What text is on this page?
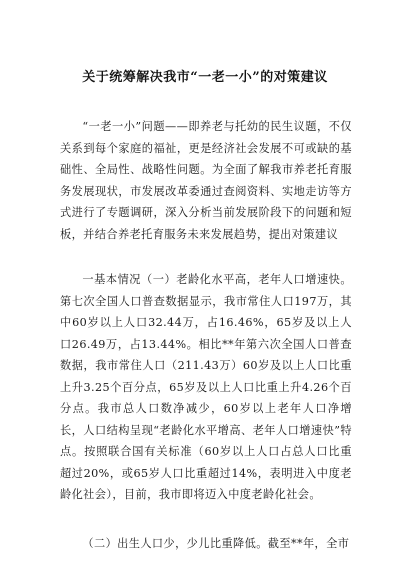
关于统筹解决我市“一老一小”的对策建议

“一老一小”问题——即养老与托幼的民生议题，不仅关系到每个家庭的福祉，更是经济社会发展不可或缺的基础性、全局性、战略性问题。为全面了解我市养老托育服务发展现状，市发展改革委通过查阅资料、实地走访等方式进行了专题调研，深入分析当前发展阶段下的问题和短板，并结合养老托育服务未来发展趋势，提出对策建议

一基本情况（一）老龄化水平高，老年人口增速快。第七次全国人口普查数据显示，我市常住人口197万，其中60岁以上人口32.44万，占16.46%，65岁及以上人口26.49万，占13.44%。相比**年第六次全国人口普查数据，我市常住人口（211.43万）60岁及以上人口比重上升3.25个百分点，65岁及以上人口比重上升4.26个百分点。我市总人口数净减少，60岁以上老年人口净增长，人口结构呈现“老龄化水平增高、老年人口增速快”特点。按照联合国有关标准（60岁以上人口占总人口比重超过20%，或65岁人口比重超过14%，表明进入中度老龄化社会），目前，我市即将迈入中度老龄化社会。

（二）出生人口少，少儿比重降低。截至**年，全市
